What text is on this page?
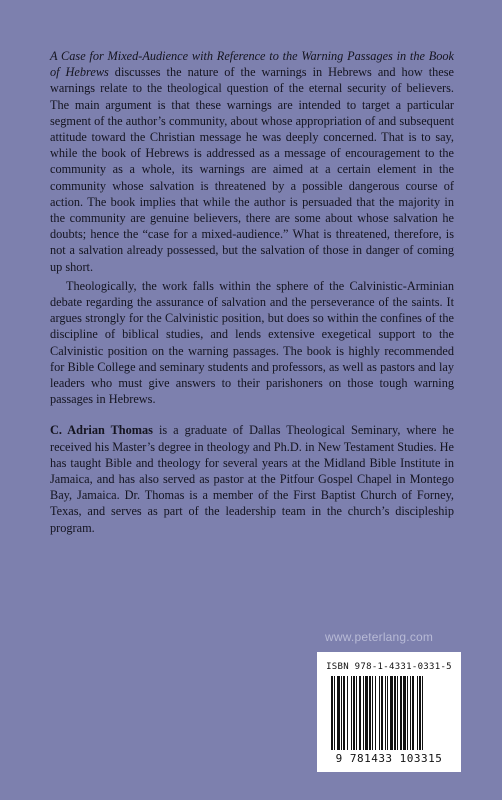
A Case for Mixed-Audience with Reference to the Warning Passages in the Book of Hebrews discusses the nature of the warnings in Hebrews and how these warnings relate to the theological question of the eternal security of believers. The main argument is that these warnings are intended to target a particular segment of the author’s community, about whose appropriation of and subsequent attitude toward the Christian message he was deeply concerned. That is to say, while the book of Hebrews is addressed as a message of encouragement to the community as a whole, its warnings are aimed at a certain element in the community whose salvation is threatened by a possible dangerous course of action. The book implies that while the author is persuaded that the majority in the community are genuine believers, there are some about whose salvation he doubts; hence the “case for a mixed-audience.” What is threatened, therefore, is not a salvation already possessed, but the salvation of those in danger of coming up short.

Theologically, the work falls within the sphere of the Calvinistic-Arminian debate regarding the assurance of salvation and the perseverance of the saints. It argues strongly for the Calvinistic position, but does so within the confines of the discipline of biblical studies, and lends extensive exegetical support to the Calvinistic position on the warning passages. The book is highly recommended for Bible College and seminary students and professors, as well as pastors and lay leaders who must give answers to their parishoners on those tough warning passages in Hebrews.

C. Adrian Thomas is a graduate of Dallas Theological Seminary, where he received his Master’s degree in theology and Ph.D. in New Testament Studies. He has taught Bible and theology for several years at the Midland Bible Institute in Jamaica, and has also served as pastor at the Pitfour Gospel Chapel in Montego Bay, Jamaica. Dr. Thomas is a member of the First Baptist Church of Forney, Texas, and serves as part of the leadership team in the church’s discipleship program.

www.peterlang.com
ISBN 978-1-4331-0331-5
9 781433 103315
